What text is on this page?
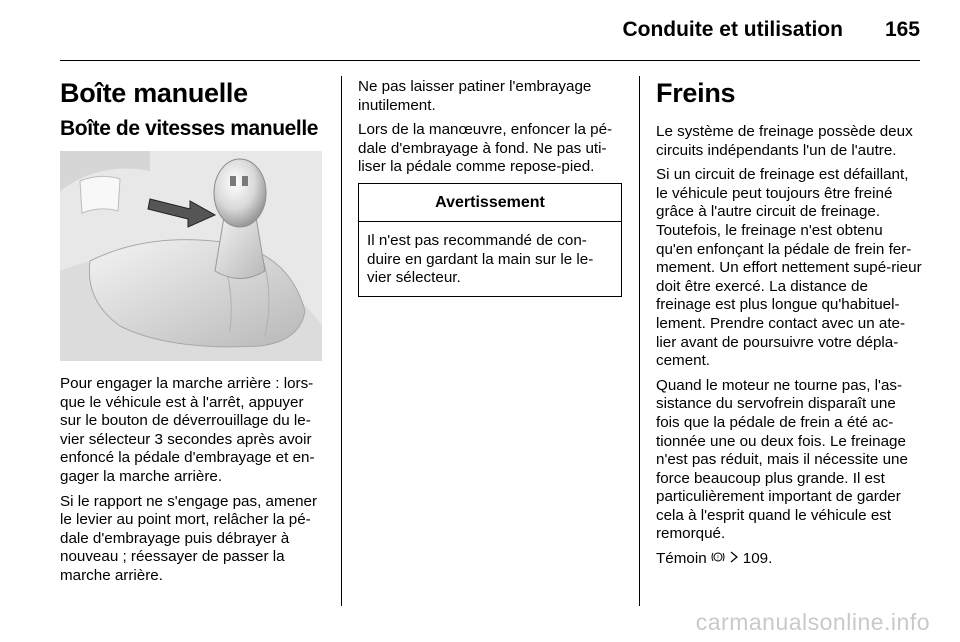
Conduite et utilisation 165
Boîte manuelle
Boîte de vitesses manuelle

Pour engager la marche arrière : lors-que le véhicule est à l'arrêt, appuyer sur le bouton de déverrouillage du le-vier sélecteur 3 secondes après avoir enfoncé la pédale d'embrayage et en-gager la marche arrière.

Si le rapport ne s'engage pas, amener le levier au point mort, relâcher la pé-dale d'embrayage puis débrayer à nouveau ; réessayer de passer la marche arrière.

Ne pas laisser patiner l'embrayage inutilement.

Lors de la manœuvre, enfoncer la pé-dale d'embrayage à fond. Ne pas uti-liser la pédale comme repose-pied.

Avertissement
Il n'est pas recommandé de con-duire en gardant la main sur le le-vier sélecteur.
Freins

Le système de freinage possède deux circuits indépendants l'un de l'autre.

Si un circuit de freinage est défaillant, le véhicule peut toujours être freiné grâce à l'autre circuit de freinage. Toutefois, le freinage n'est obtenu qu'en enfonçant la pédale de frein fer-mement. Un effort nettement supé-rieur doit être exercé. La distance de freinage est plus longue qu'habituel-lement. Prendre contact avec un ate-lier avant de poursuivre votre dépla-cement.

Quand le moteur ne tourne pas, l'as-sistance du servofrein disparaît une fois que la pédale de frein a été ac-tionnée une ou deux fois. Le freinage n'est pas réduit, mais il nécessite une force beaucoup plus grande. Il est particulièrement important de garder cela à l'esprit quand le véhicule est remorqué.

Témoin ! 109.

carmanualsonline.info
